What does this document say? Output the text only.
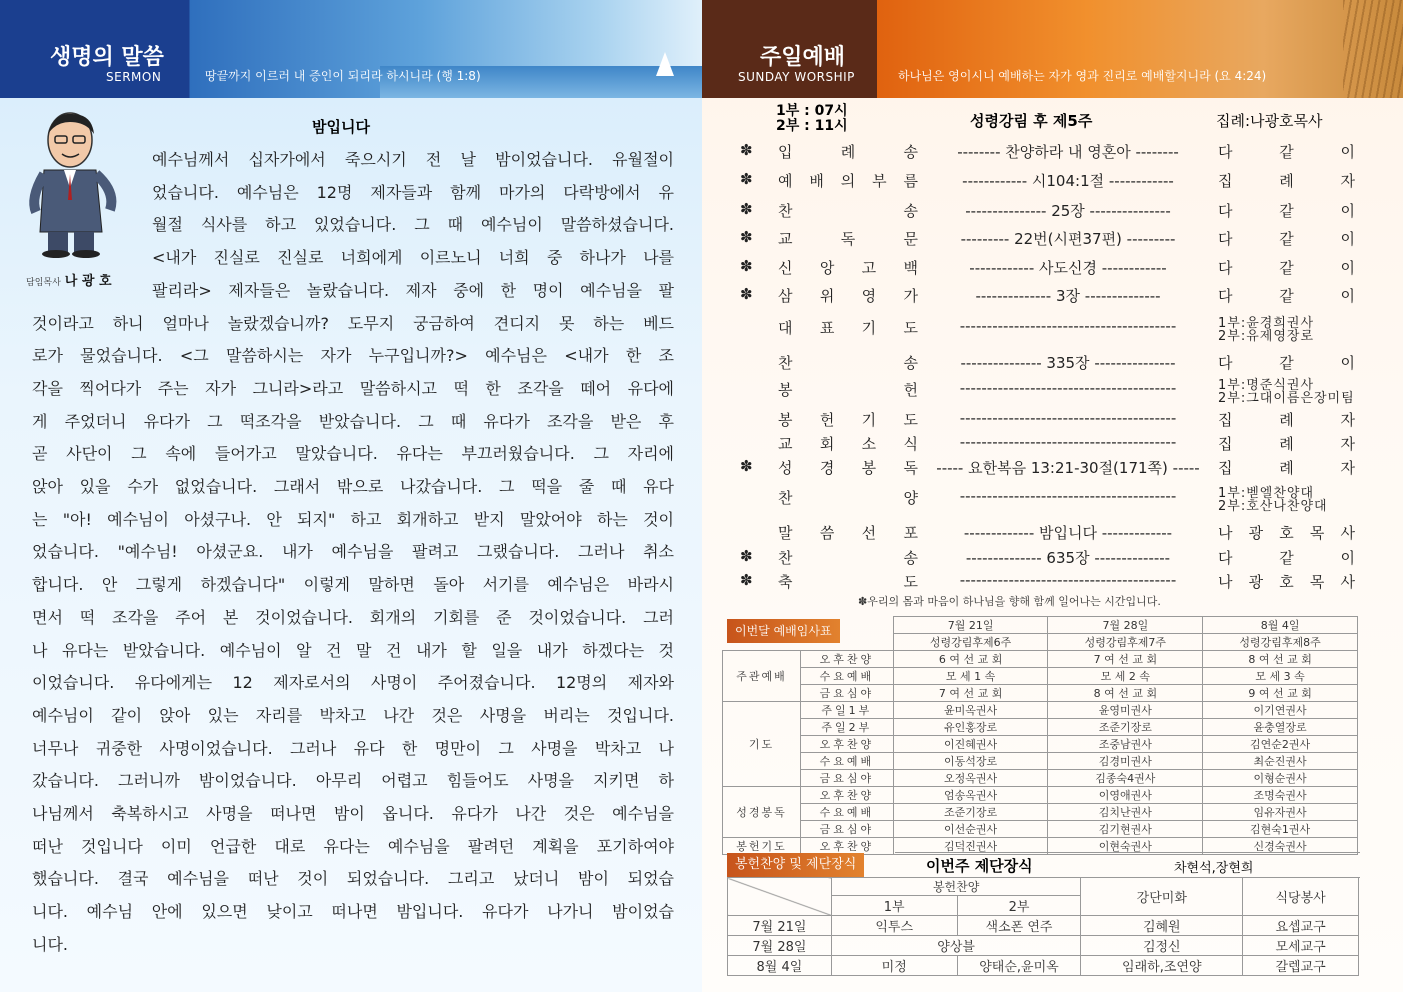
생명의 말씀
SERMON	땅끝까지 이르러 내 증인이 되리라 하시니라 (행 1:8)
담임목사 나 광 호
밤입니다
예수님께서 십자가에서 죽으시기 전 날 밤이었습니다. 유월절이
었습니다. 예수님은 12명 제자들과 함께 마가의 다락방에서 유
월절 식사를 하고 있었습니다. 그 때 예수님이 말씀하셨습니다.
<내가 진실로 진실로 너희에게 이르노니 너희 중 하나가 나를
팔리라> 제자들은 놀랐습니다. 제자 중에 한 명이 예수님을 팔
것이라고 하니 얼마나 놀랐겠습니까? 도무지 궁금하여 견디지 못 하는 베드
로가 물었습니다. <그 말씀하시는 자가 누구입니까?> 예수님은 <내가 한 조
각을 찍어다가 주는 자가 그니라>라고 말씀하시고 떡 한 조각을 떼어 유다에
게 주었더니 유다가 그 떡조각을 받았습니다. 그 때 유다가 조각을 받은 후
곧 사단이 그 속에 들어가고 말았습니다. 유다는 부끄러웠습니다. 그 자리에
앉아 있을 수가 없었습니다. 그래서 밖으로 나갔습니다. 그 떡을 줄 때 유다
는 "아! 예수님이 아셨구나. 안 되지" 하고 회개하고 받지 말았어야 하는 것이
었습니다. "예수님! 아셨군요. 내가 예수님을 팔려고 그랬습니다. 그러나 취소
합니다. 안 그렇게 하겠습니다" 이렇게 말하면 돌아 서기를 예수님은 바라시
면서 떡 조각을 주어 본 것이었습니다. 회개의 기회를 준 것이었습니다. 그러
나 유다는 받았습니다. 예수님이 알 건 말 건 내가 할 일을 내가 하겠다는 것
이었습니다. 유다에게는 12 제자로서의 사명이 주어졌습니다. 12명의 제자와
예수님이 같이 앉아 있는 자리를 박차고 나간 것은 사명을 버리는 것입니다.
너무나 귀중한 사명이었습니다. 그러나 유다 한 명만이 그 사명을 박차고 나
갔습니다. 그러니까 밤이었습니다. 아무리 어렵고 힘들어도 사명을 지키면 하
나님께서 축복하시고 사명을 떠나면 밤이 옵니다. 유다가 나간 것은 예수님을
떠난 것입니다 이미 언급한 대로 유다는 예수님을 팔려던 계획을 포기하여야
했습니다. 결국 예수님을 떠난 것이 되었습니다. 그리고 났더니 밤이 되었습
니다. 예수님 안에 있으면 낮이고 떠나면 밤입니다. 유다가 나가니 밤이었습
니다.
주일예배
SUNDAY WORSHIP	하나님은 영이시니 예배하는 자가 영과 진리로 예배할지니라 (요 4:24)
1부 : 07시
2부 : 11시	성령강림 후 제5주	집례:나광호목사
✽ 입	례	송	-------- 찬양하라 내 영혼아 --------	다	같	이
✽ 예 배 의 부 름	------------ 시104:1절 ------------	집	례	자
✽ 찬	송	--------------- 25장 ---------------	다	같	이
✽ 교	독	문	--------- 22번(시편37편) ---------	다	같	이
✽ 신 앙 고 백	------------ 사도신경 ------------	다	같	이
✽ 삼 위 영 가	-------------- 3장 --------------	다	같	이
대 표 기 도	----------------------------------------	1부:윤경희권사
2부:유제영장로
찬	송	--------------- 335장 ---------------	다	같	이
봉	헌	----------------------------------------	1부:명준식권사
2부:그대이름은장미팀
봉 헌 기 도	----------------------------------------	집	례	자
교 회 소 식	----------------------------------------	집	례	자
✽ 성 경 봉 독	----- 요한복음 13:21-30절(171쪽) -----	집	례	자
찬	양	----------------------------------------	1부:벧엘찬양대
2부:호산나찬양대
말 씀 선 포	------------- 밤입니다 -------------	나 광 호 목 사
✽ 찬	송	-------------- 635장 --------------	다	같	이
✽ 축	도	----------------------------------------	나 광 호 목 사
✽우리의 몸과 마음이 하나님을 향해 함께 일어나는 시간입니다.
이번달 예배임사표
		7월 21일	7월 28일	8월 4일
		성령강림후제6주	성령강림후제7주	성령강림후제8주
주관예배	오후찬양	6 여 선 교 회	7 여 선 교 회	8 여 선 교 회
	수요예배	모 세 1 속	모 세 2 속	모 세 3 속
	금요심야	7 여 선 교 회	8 여 선 교 회	9 여 선 교 회
기도	주일1부	윤미옥권사	윤영미권사	이기연권사
	주일2부	유인홍장로	조준기장로	윤충열장로
	오후찬양	이진혜권사	조중남권사	김연순2권사
	수요예배	이동석장로	김경미권사	최순진권사
	금요심야	오정옥권사	김종숙4권사	이형순권사
성경봉독	오후찬양	엄송옥권사	이영애권사	조명숙권사
	수요예배	조준기장로	김치난권사	임유자권사
	금요심야	이선순권사	김기현권사	김현숙1권사
봉헌기도	오후찬양	김덕진권사	이현숙권사	신경숙권사
봉헌찬양 및 제단장식	이번주 제단장식	차현석,장현희
	봉헌찬양		강단미화	식당봉사
	1부	2부		
7월 21일	익투스	색소폰 연주	김혜원	요셉교구
7월 28일	양상블		김정신	모세교구
8월 4일	미정	양태순,윤미옥	임래하,조연양	갈렙교구
